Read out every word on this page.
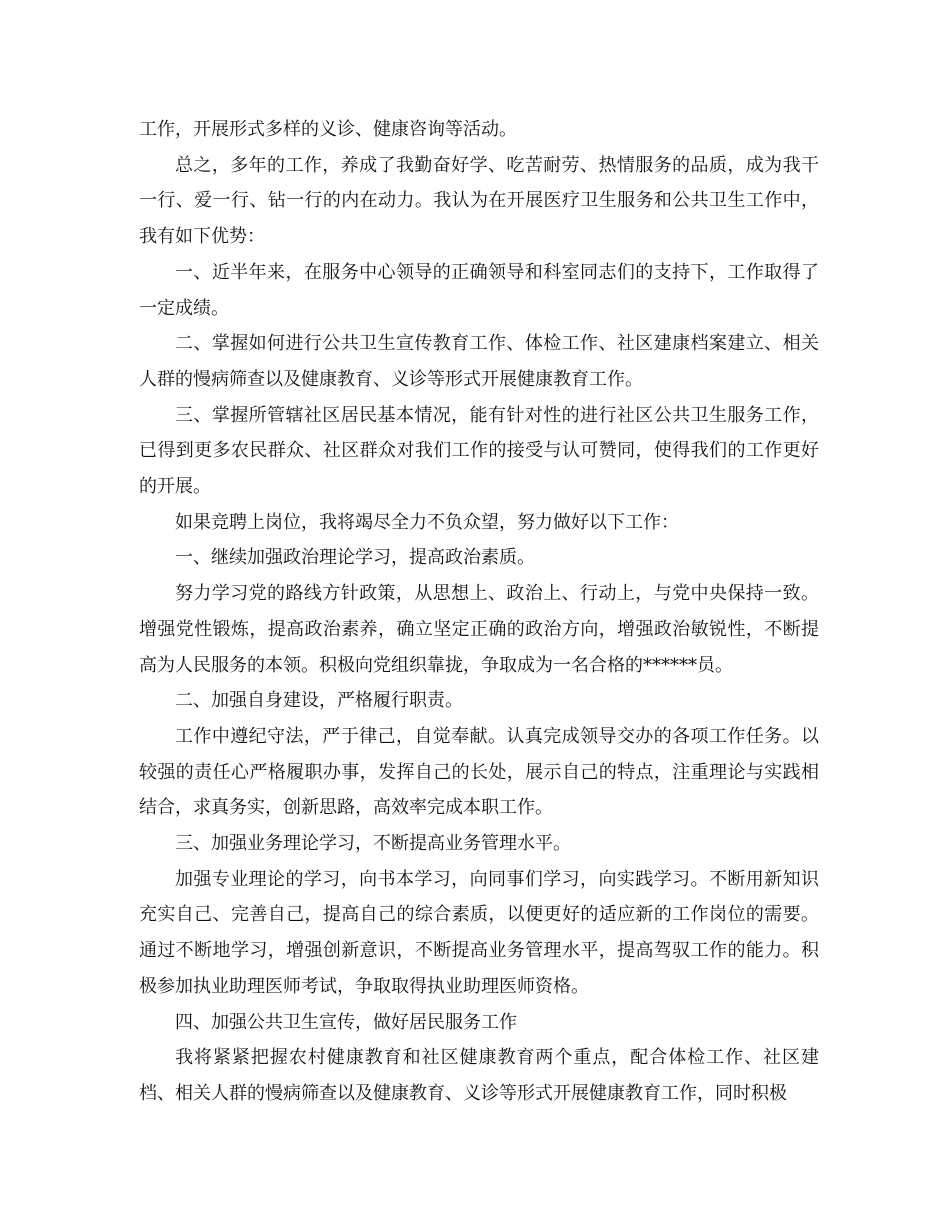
工作，开展形式多样的义诊、健康咨询等活动。

总之，多年的工作，养成了我勤奋好学、吃苦耐劳、热情服务的品质，成为我干一行、爱一行、钻一行的内在动力。我认为在开展医疗卫生服务和公共卫生工作中，我有如下优势：

一、近半年来，在服务中心领导的正确领导和科室同志们的支持下，工作取得了一定成绩。

二、掌握如何进行公共卫生宣传教育工作、体检工作、社区建康档案建立、相关人群的慢病筛查以及健康教育、义诊等形式开展健康教育工作。

三、掌握所管辖社区居民基本情况，能有针对性的进行社区公共卫生服务工作，已得到更多农民群众、社区群众对我们工作的接受与认可赞同，使得我们的工作更好的开展。

如果竞聘上岗位，我将竭尽全力不负众望，努力做好以下工作：

一、继续加强政治理论学习，提高政治素质。

努力学习党的路线方针政策，从思想上、政治上、行动上，与党中央保持一致。增强党性锻炼，提高政治素养，确立坚定正确的政治方向，增强政治敏锐性，不断提高为人民服务的本领。积极向党组织靠拢，争取成为一名合格的******员。

二、加强自身建设，严格履行职责。

工作中遵纪守法，严于律己，自觉奉献。认真完成领导交办的各项工作任务。以较强的责任心严格履职办事，发挥自己的长处，展示自己的特点，注重理论与实践相结合，求真务实，创新思路，高效率完成本职工作。

三、加强业务理论学习，不断提高业务管理水平。

加强专业理论的学习，向书本学习，向同事们学习，向实践学习。不断用新知识充实自己、完善自己，提高自己的综合素质，以便更好的适应新的工作岗位的需要。通过不断地学习，增强创新意识，不断提高业务管理水平，提高驾驭工作的能力。积极参加执业助理医师考试，争取取得执业助理医师资格。

四、加强公共卫生宣传，做好居民服务工作

我将紧紧把握农村健康教育和社区健康教育两个重点，配合体检工作、社区建档、相关人群的慢病筛查以及健康教育、义诊等形式开展健康教育工作，同时积极
